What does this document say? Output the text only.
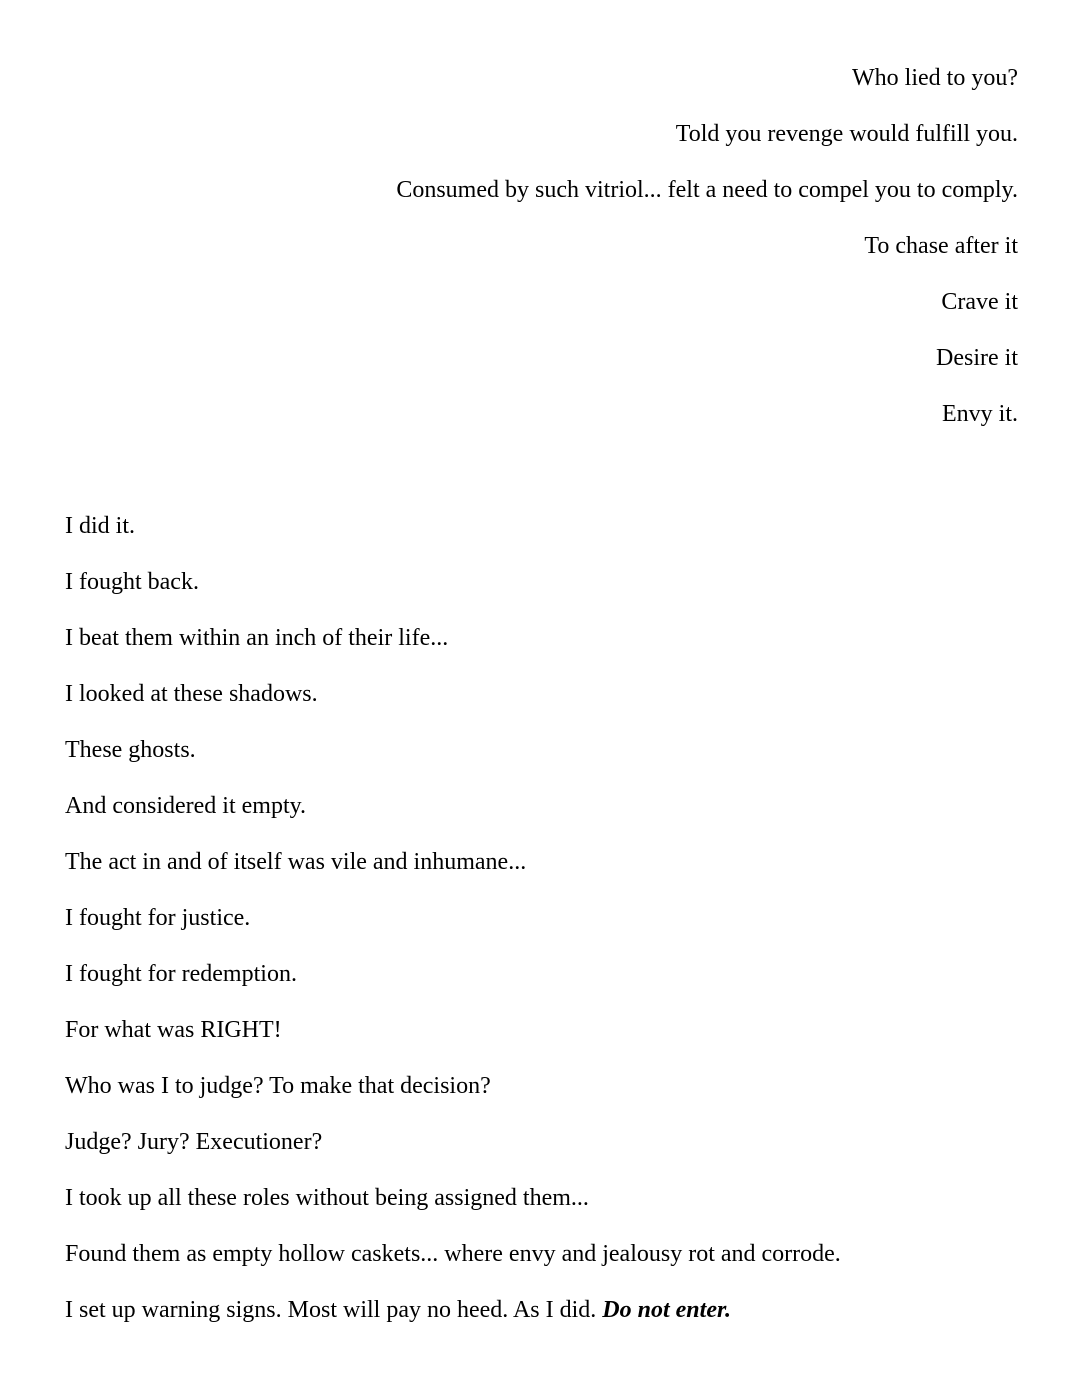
Who lied to you?

Told you revenge would fulfill you.

Consumed by such vitriol... felt a need to compel you to comply.

To chase after it

Crave it

Desire it

Envy it.

I did it.

I fought back.

I beat them within an inch of their life...

I looked at these shadows.

These ghosts.

And considered it empty.

The act in and of itself was vile and inhumane...

I fought for justice.

I fought for redemption.

For what was RIGHT!

Who was I to judge? To make that decision?

Judge? Jury? Executioner?

I took up all these roles without being assigned them...

Found them as empty hollow caskets... where envy and jealousy rot and corrode.

I set up warning signs. Most will pay no heed. As I did. Do not enter.
